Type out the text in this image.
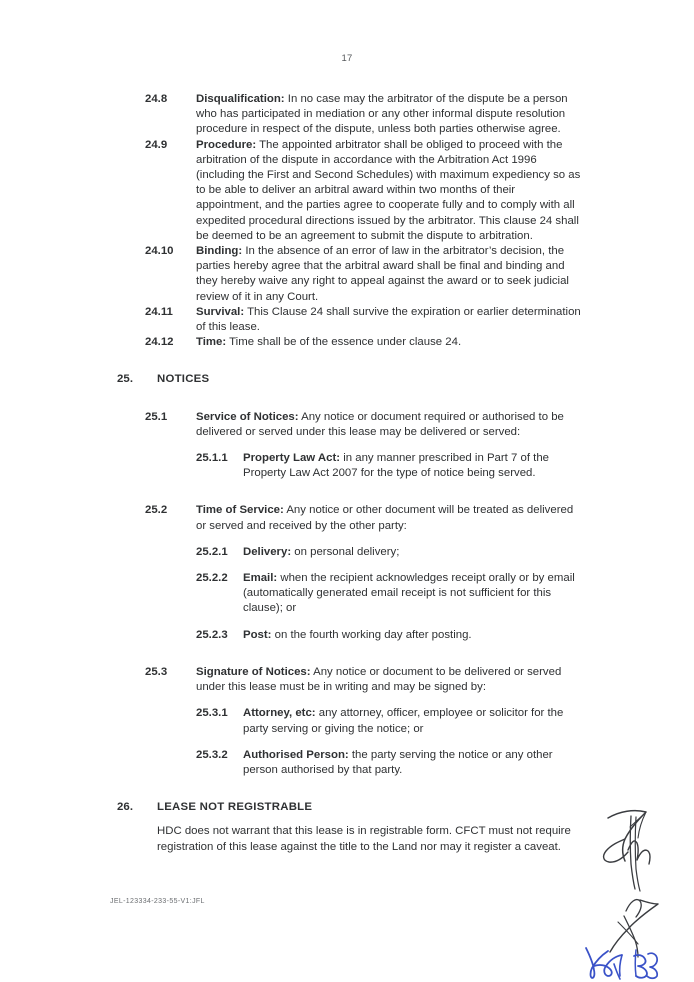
17
24.8	Disqualification: In no case may the arbitrator of the dispute be a person who has participated in mediation or any other informal dispute resolution procedure in respect of the dispute, unless both parties otherwise agree.
24.9	Procedure: The appointed arbitrator shall be obliged to proceed with the arbitration of the dispute in accordance with the Arbitration Act 1996 (including the First and Second Schedules) with maximum expediency so as to be able to deliver an arbitral award within two months of their appointment, and the parties agree to cooperate fully and to comply with all expedited procedural directions issued by the arbitrator. This clause 24 shall be deemed to be an agreement to submit the dispute to arbitration.
24.10	Binding: In the absence of an error of law in the arbitrator’s decision, the parties hereby agree that the arbitral award shall be final and binding and they hereby waive any right to appeal against the award or to seek judicial review of it in any Court.
24.11	Survival: This Clause 24 shall survive the expiration or earlier determination of this lease.
24.12	Time: Time shall be of the essence under clause 24.
25.	NOTICES
25.1	Service of Notices: Any notice or document required or authorised to be delivered or served under this lease may be delivered or served:
25.1.1	Property Law Act: in any manner prescribed in Part 7 of the Property Law Act 2007 for the type of notice being served.
25.2	Time of Service: Any notice or other document will be treated as delivered or served and received by the other party:
25.2.1	Delivery: on personal delivery;
25.2.2	Email: when the recipient acknowledges receipt orally or by email (automatically generated email receipt is not sufficient for this clause); or
25.2.3	Post: on the fourth working day after posting.
25.3	Signature of Notices: Any notice or document to be delivered or served under this lease must be in writing and may be signed by:
25.3.1	Attorney, etc: any attorney, officer, employee or solicitor for the party serving or giving the notice; or
25.3.2	Authorised Person: the party serving the notice or any other person authorised by that party.
26.	LEASE NOT REGISTRABLE
HDC does not warrant that this lease is in registrable form. CFCT must not require registration of this lease against the title to the Land nor may it register a caveat.
JEL-123334-233-55-V1:JFL
